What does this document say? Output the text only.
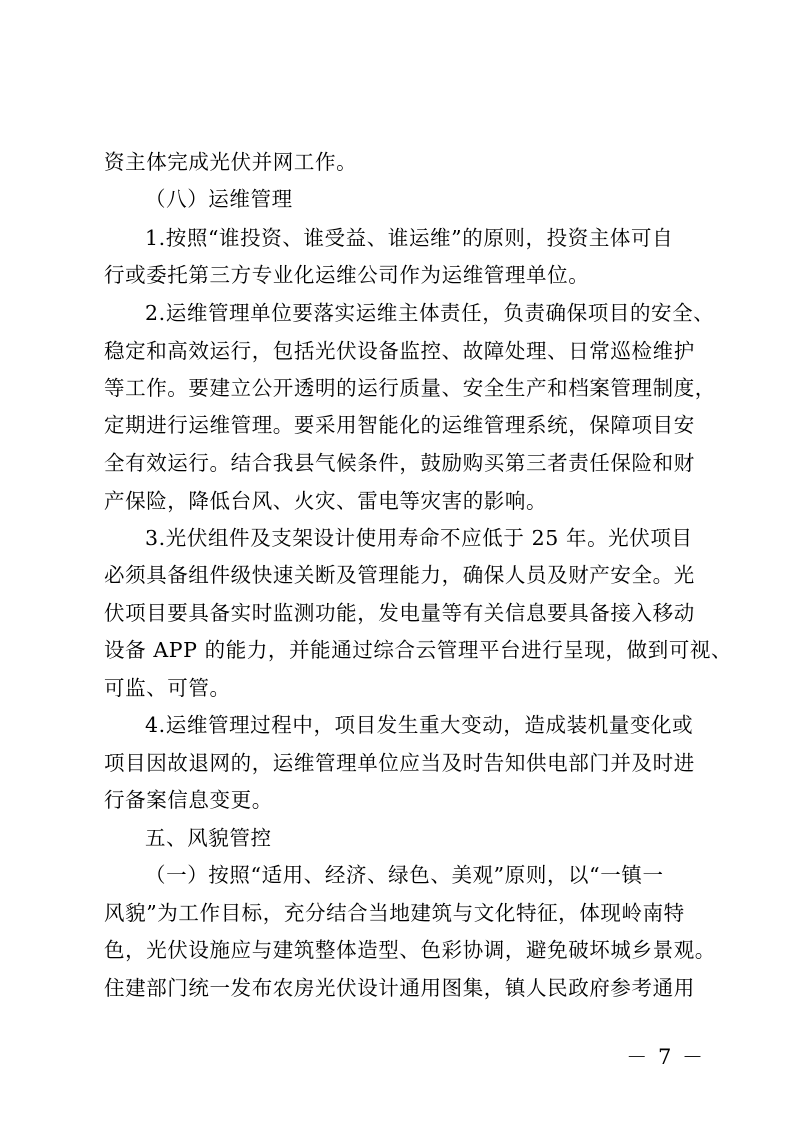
资主体完成光伏并网工作。
（八）运维管理
1.按照“谁投资、谁受益、谁运维”的原则，投资主体可自
行或委托第三方专业化运维公司作为运维管理单位。
2.运维管理单位要落实运维主体责任，负责确保项目的安全、
稳定和高效运行，包括光伏设备监控、故障处理、日常巡检维护
等工作。要建立公开透明的运行质量、安全生产和档案管理制度，
定期进行运维管理。要采用智能化的运维管理系统，保障项目安
全有效运行。结合我县气候条件，鼓励购买第三者责任保险和财
产保险，降低台风、火灾、雷电等灾害的影响。
3.光伏组件及支架设计使用寿命不应低于 25 年。光伏项目
必须具备组件级快速关断及管理能力，确保人员及财产安全。光
伏项目要具备实时监测功能，发电量等有关信息要具备接入移动
设备 APP 的能力，并能通过综合云管理平台进行呈现，做到可视、
可监、可管。
4.运维管理过程中，项目发生重大变动，造成装机量变化或
项目因故退网的，运维管理单位应当及时告知供电部门并及时进
行备案信息变更。
五、风貌管控
（一）按照“适用、经济、绿色、美观”原则，以“一镇一
风貌”为工作目标，充分结合当地建筑与文化特征，体现岭南特
色，光伏设施应与建筑整体造型、色彩协调，避免破坏城乡景观。
住建部门统一发布农房光伏设计通用图集，镇人民政府参考通用
－ 7 －
